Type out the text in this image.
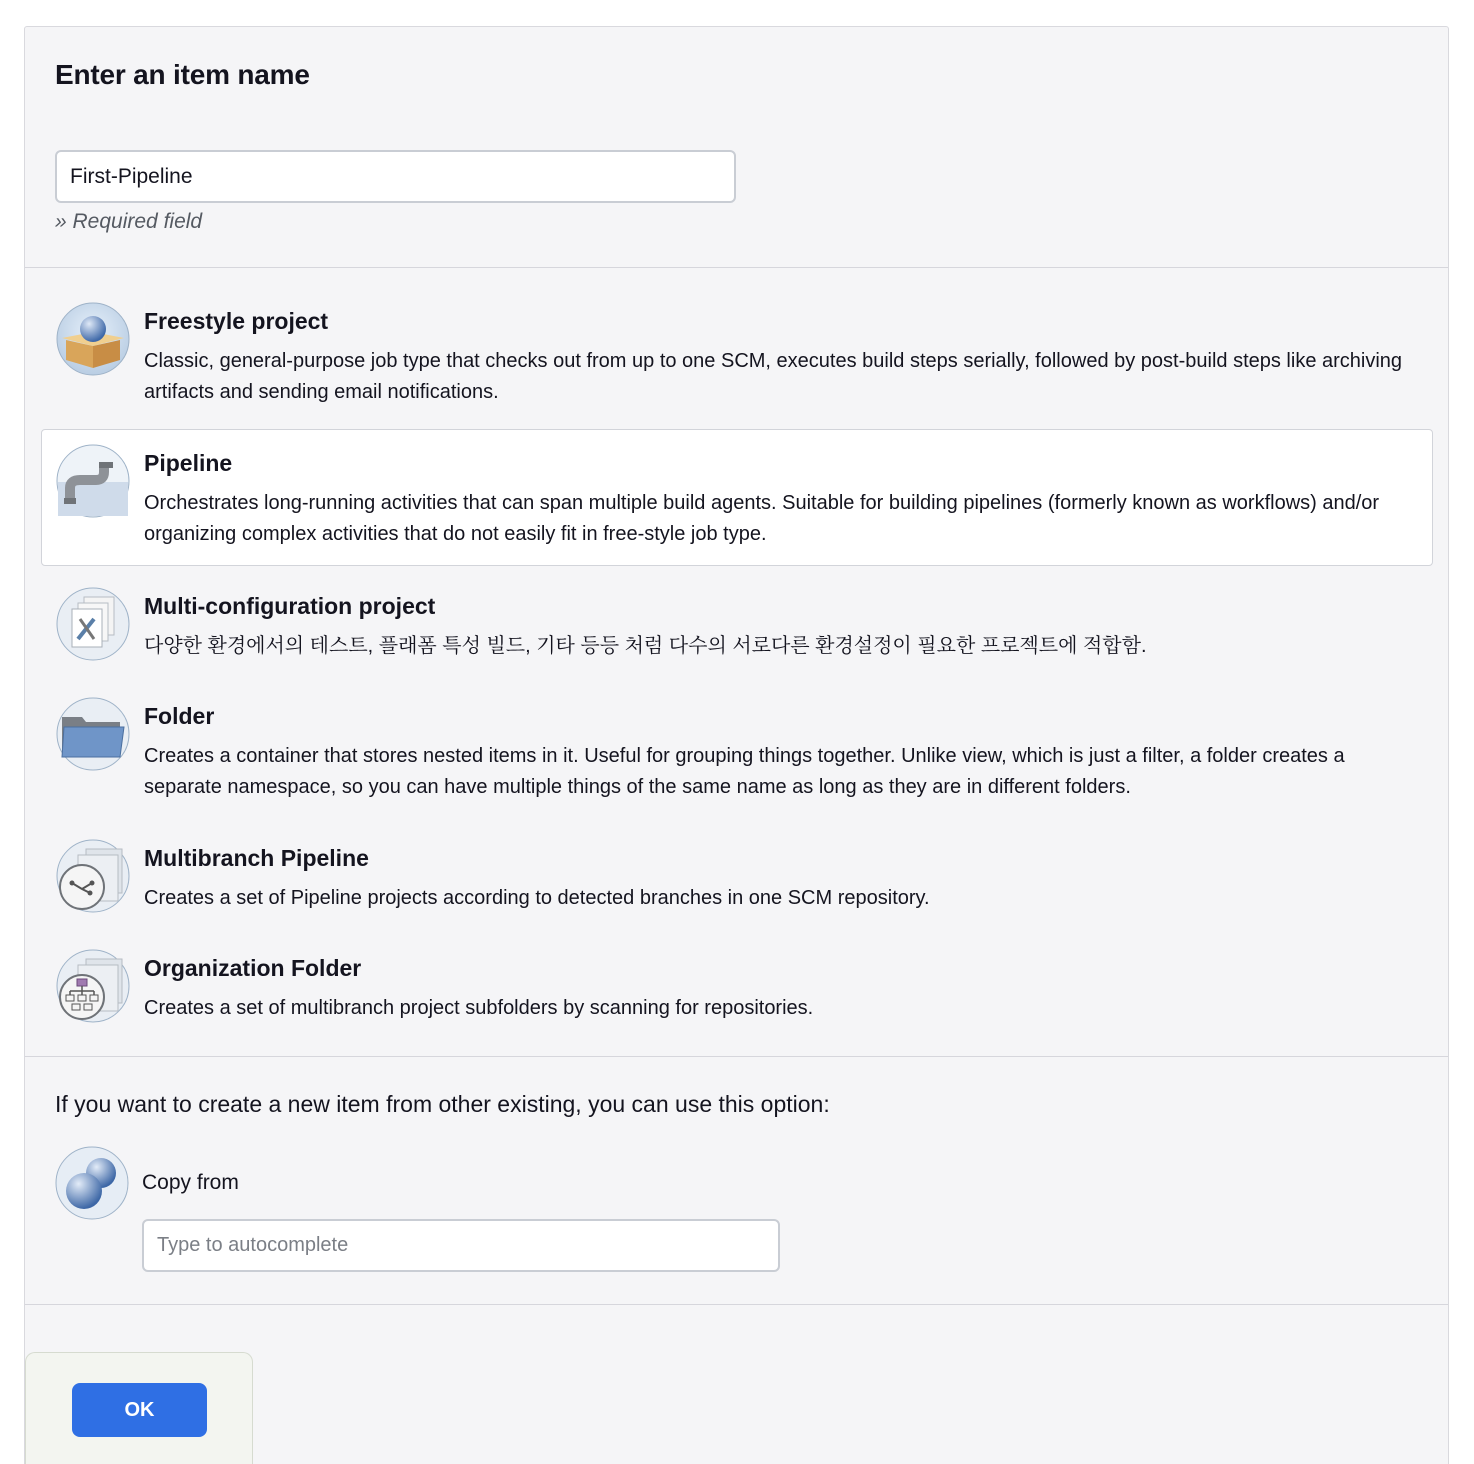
Enter an item name
First-Pipeline
» Required field
Freestyle project
Classic, general-purpose job type that checks out from up to one SCM, executes build steps serially, followed by post-build steps like archiving artifacts and sending email notifications.
Pipeline
Orchestrates long-running activities that can span multiple build agents. Suitable for building pipelines (formerly known as workflows) and/or organizing complex activities that do not easily fit in free-style job type.
Multi-configuration project
다양한 환경에서의 테스트, 플래폼 특성 빌드, 기타 등등 처럼 다수의 서로다른 환경설정이 필요한 프로젝트에 적합함.
Folder
Creates a container that stores nested items in it. Useful for grouping things together. Unlike view, which is just a filter, a folder creates a separate namespace, so you can have multiple things of the same name as long as they are in different folders.
Multibranch Pipeline
Creates a set of Pipeline projects according to detected branches in one SCM repository.
Organization Folder
Creates a set of multibranch project subfolders by scanning for repositories.
If you want to create a new item from other existing, you can use this option:
Copy from
Type to autocomplete
OK
